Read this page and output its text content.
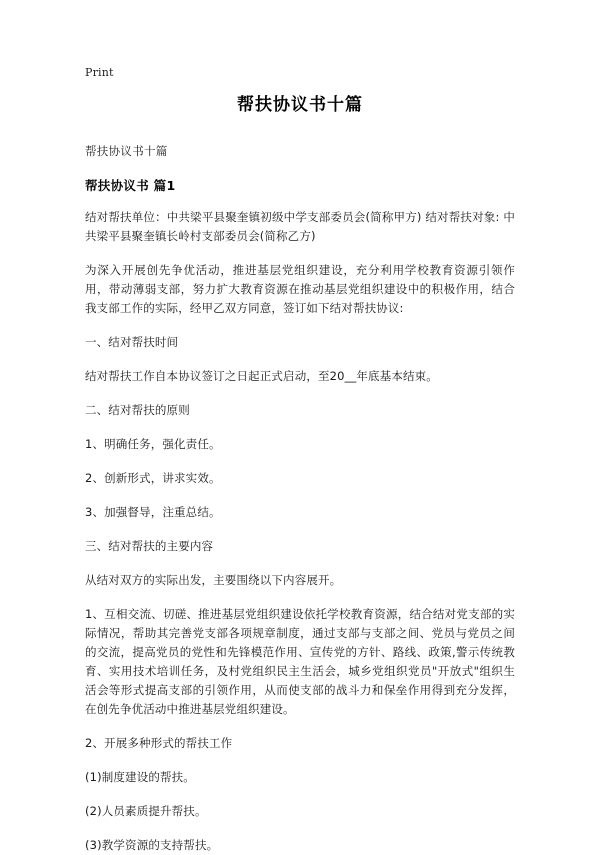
Print
帮扶协议书十篇
帮扶协议书十篇
帮扶协议书 篇1

结对帮扶单位：中共梁平县聚奎镇初级中学支部委员会(简称甲方) 结对帮扶对象: 中共梁平县聚奎镇长岭村支部委员会(简称乙方)

为深入开展创先争优活动，推进基层党组织建设，充分利用学校教育资源引领作用，带动薄弱支部，努力扩大教育资源在推动基层党组织建设中的积极作用，结合我支部工作的实际，经甲乙双方同意，签订如下结对帮扶协议:

一、结对帮扶时间

结对帮扶工作自本协议签订之日起正式启动，至20__年底基本结束。

二、结对帮扶的原则

1、明确任务，强化责任。

2、创新形式，讲求实效。

3、加强督导，注重总结。

三、结对帮扶的主要内容

从结对双方的实际出发，主要围绕以下内容展开。

1、互相交流、切磋、推进基层党组织建设依托学校教育资源，结合结对党支部的实际情况，帮助其完善党支部各项规章制度，通过支部与支部之间、党员与党员之间的交流，提高党员的党性和先锋模范作用、宣传党的方针、路线、政策,警示传统教育、实用技术培训任务，及村党组织民主生活会，城乡党组织党员"开放式"组织生活会等形式提高支部的引领作用，从而使支部的战斗力和保垒作用得到充分发挥，在创先争优活动中推进基层党组织建设。

2、开展多种形式的帮扶工作

(1)制度建设的帮扶。

(2)人员素质提升帮扶。

(3)教学资源的支持帮扶。
